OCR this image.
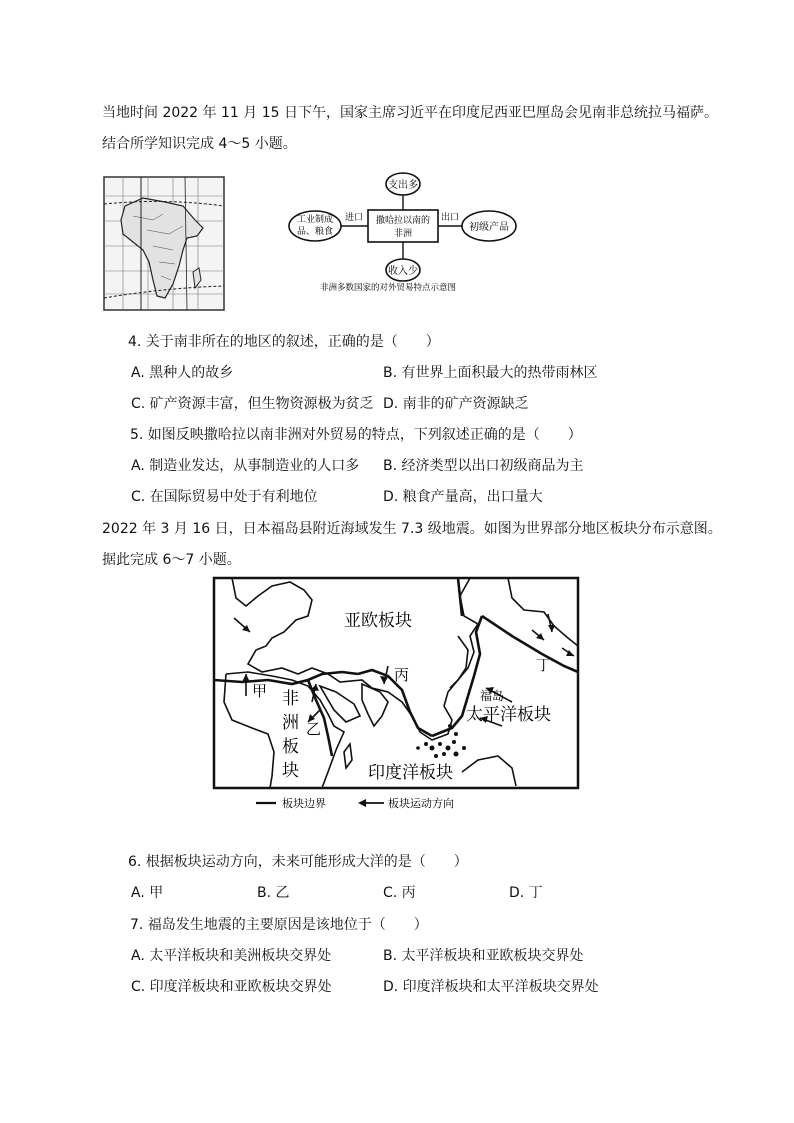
当地时间 2022 年 11 月 15 日下午，国家主席习近平在印度尼西亚巴厘岛会见南非总统拉马福萨。
结合所学知识完成 4～5 小题。
支出多
撒哈拉以南的
非洲
收入少
工业制成
品、粮食
进口	出口
初级产品
非洲多数国家的对外贸易特点示意图
4. 关于南非所在的地区的叙述，正确的是（　　）
A. 黑种人的故乡	B. 有世界上面积最大的热带雨林区
C. 矿产资源丰富，但生物资源极为贫乏 D. 南非的矿产资源缺乏
5. 如图反映撒哈拉以南非洲对外贸易的特点，下列叙述正确的是（　　）
A. 制造业发达，从事制造业的人口多 B. 经济类型以出口初级商品为主
C. 在国际贸易中处于有利地位	D. 粮食产量高，出口量大
2022 年 3 月 16 日，日本福岛县附近海域发生 7.3 级地震。如图为世界部分地区板块分布示意图。
据此完成 6～7 小题。
亚欧板块
非
洲
板
块	印度洋板块
太平洋板块
福岛
甲
乙
丙
丁
板块边界	板块运动方向
6. 根据板块运动方向，未来可能形成大洋的是（　　）
A. 甲	B. 乙	C. 丙	D. 丁
7. 福岛发生地震的主要原因是该地位于（　　）
A. 太平洋板块和美洲板块交界处	B. 太平洋板块和亚欧板块交界处
C. 印度洋板块和亚欧板块交界处	D. 印度洋板块和太平洋板块交界处
